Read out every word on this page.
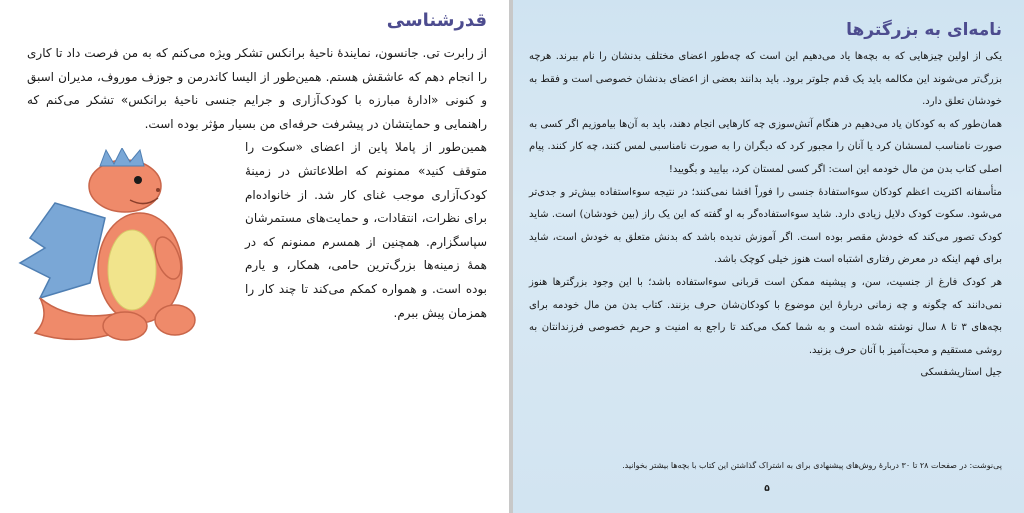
قدرشناسی

از رابرت تی. جانسون، نمایندهٔ ناحیهٔ برانکس تشکر ویژه می‌کنم که به من فرصت داد تا کاری را انجام دهم که عاشقش هستم. همین‌طور از الیسا کاندرمن و جوزف موروف، مدیران اسبق و کنونی «ادارهٔ مبارزه با کودک‌آزاری و جرایم جنسی ناحیهٔ برانکس» تشکر می‌کنم که راهنمایی و حمایتشان در پیشرفت حرفه‌ای من بسیار مؤثر بوده است.

همین‌طور از پاملا پاین از اعضای «سکوت را متوقف کنید» ممنونم که اطلاعاتش در زمینهٔ کودک‌آزاری موجب غنای کار شد. از خانواده‌ام برای نظرات، انتقادات، و حمایت‌های مستمرشان سپاسگزارم. همچنین از همسرم ممنونم که در همهٔ زمینه‌ها بزرگ‌ترین حامی، همکار، و یارم بوده است. و همواره کمکم می‌کند تا چند کار را همزمان پیش ببرم.

نامه‌ای به بزرگترها

یکی از اولین چیزهایی که به بچه‌ها یاد می‌دهیم این است که چه‌طور اعضای مختلف بدنشان را نام ببرند. هرچه بزرگ‌تر می‌شوند این مکالمه باید یک قدم جلوتر برود. باید بدانند بعضی از اعضای بدنشان خصوصی است و فقط به خودشان تعلق دارد.

همان‌طور که به کودکان یاد می‌دهیم در هنگام آتش‌سوزی چه کارهایی انجام دهند، باید به آن‌ها بیاموزیم اگر کسی به صورت نامناسب لمسشان کرد یا آنان را مجبور کرد که دیگران را به صورت نامناسبی لمس کنند، چه کار کنند. پیام اصلی کتاب بدن من مال خودمه این است: اگر کسی لمستان کرد، بیایید و بگویید!

متأسفانه اکثریت اعظم کودکان سوءاستفادهٔ جنسی را فوراً افشا نمی‌کنند؛ در نتیجه سوءاستفاده بیش‌تر و جدی‌تر می‌شود. سکوت کودک دلایل زیادی دارد. شاید سوءاستفاده‌گر به او گفته که این یک راز (بین خودشان) است. شاید کودک تصور می‌کند که خودش مقصر بوده است. اگر آموزش ندیده باشد که بدنش متعلق به خودش است، شاید برای فهم اینکه در معرض رفتاری اشتباه است هنوز خیلی کوچک باشد.

هر کودک فارغ از جنسیت، سن، و پیشینه ممکن است قربانی سوءاستفاده باشد؛ با این وجود بزرگترها هنوز نمی‌دانند که چگونه و چه زمانی دربارهٔ این موضوع با کودکان‌شان حرف بزنند. کتاب بدن من مال خودمه برای بچه‌های ۳ تا ۸ سال نوشته شده است و به شما کمک می‌کند تا راجع به امنیت و حریم خصوصی فرزندانتان به روشی مستقیم و محبت‌آمیز با آنان حرف بزنید.

جیل استاریشفسکی

پی‌نوشت: در صفحات ۲۸ تا ۳۰ دربارهٔ روش‌های پیشنهادی برای به اشتراک گذاشتن این کتاب با بچه‌ها بیشتر بخوانید.

۵
